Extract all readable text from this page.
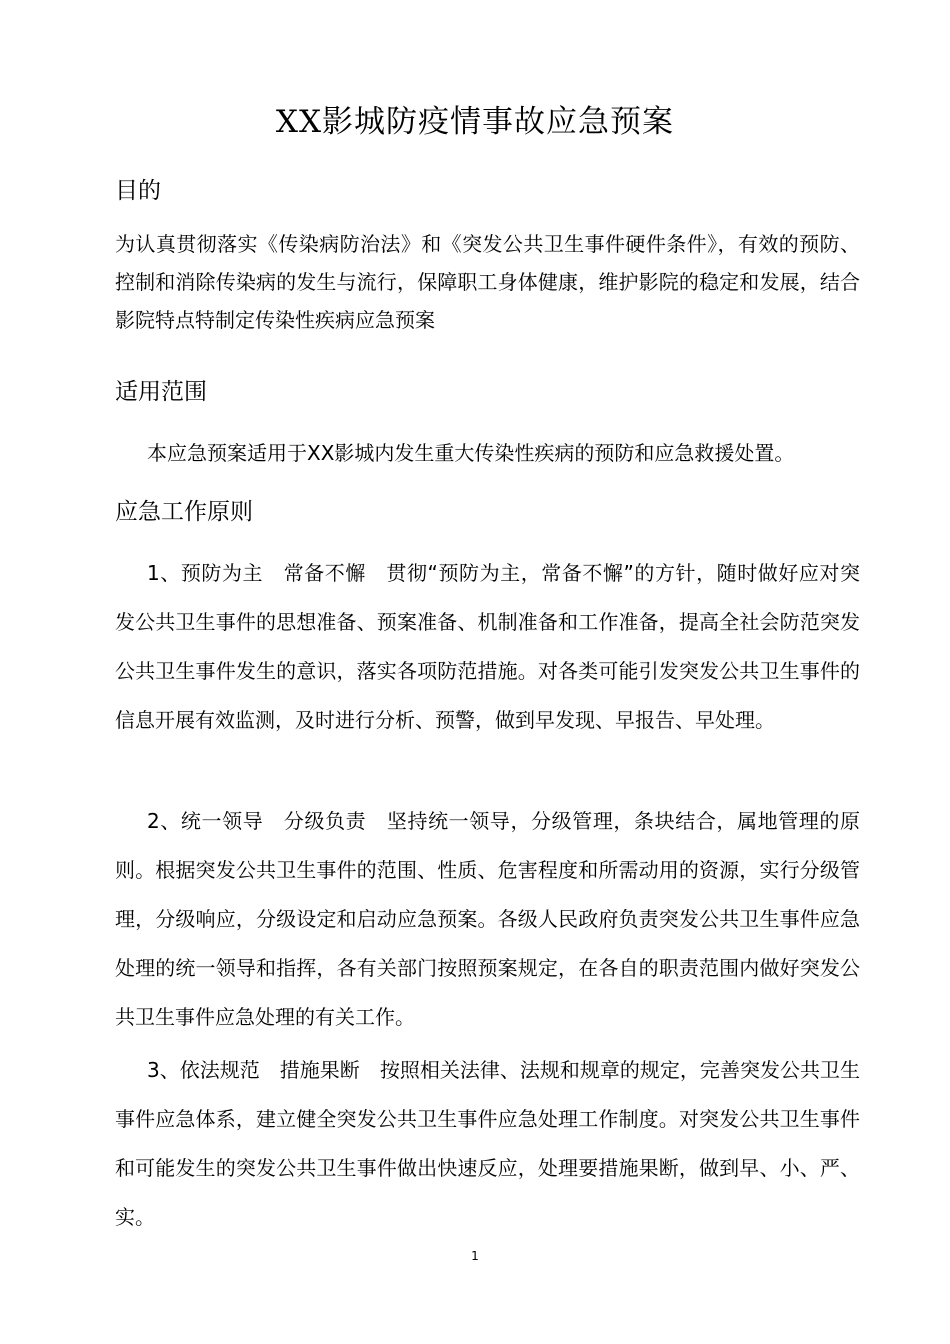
XX影城防疫情事故应急预案
目的
为认真贯彻落实《传染病防治法》和《突发公共卫生事件硬件条件》，有效的预防、控制和消除传染病的发生与流行，保障职工身体健康，维护影院的稳定和发展，结合影院特点特制定传染性疾病应急预案
适用范围
本应急预案适用于XX影城内发生重大传染性疾病的预防和应急救援处置。
应急工作原则
1、预防为主　常备不懈　贯彻“预防为主，常备不懈”的方针，随时做好应对突发公共卫生事件的思想准备、预案准备、机制准备和工作准备，提高全社会防范突发公共卫生事件发生的意识，落实各项防范措施。对各类可能引发突发公共卫生事件的信息开展有效监测，及时进行分析、预警，做到早发现、早报告、早处理。
2、统一领导　分级负责　坚持统一领导，分级管理，条块结合，属地管理的原则。根据突发公共卫生事件的范围、性质、危害程度和所需动用的资源，实行分级管理，分级响应，分级设定和启动应急预案。各级人民政府负责突发公共卫生事件应急处理的统一领导和指挥，各有关部门按照预案规定，在各自的职责范围内做好突发公共卫生事件应急处理的有关工作。
3、依法规范　措施果断　按照相关法律、法规和规章的规定，完善突发公共卫生事件应急体系，建立健全突发公共卫生事件应急处理工作制度。对突发公共卫生事件和可能发生的突发公共卫生事件做出快速反应，处理要措施果断，做到早、小、严、实。
1
